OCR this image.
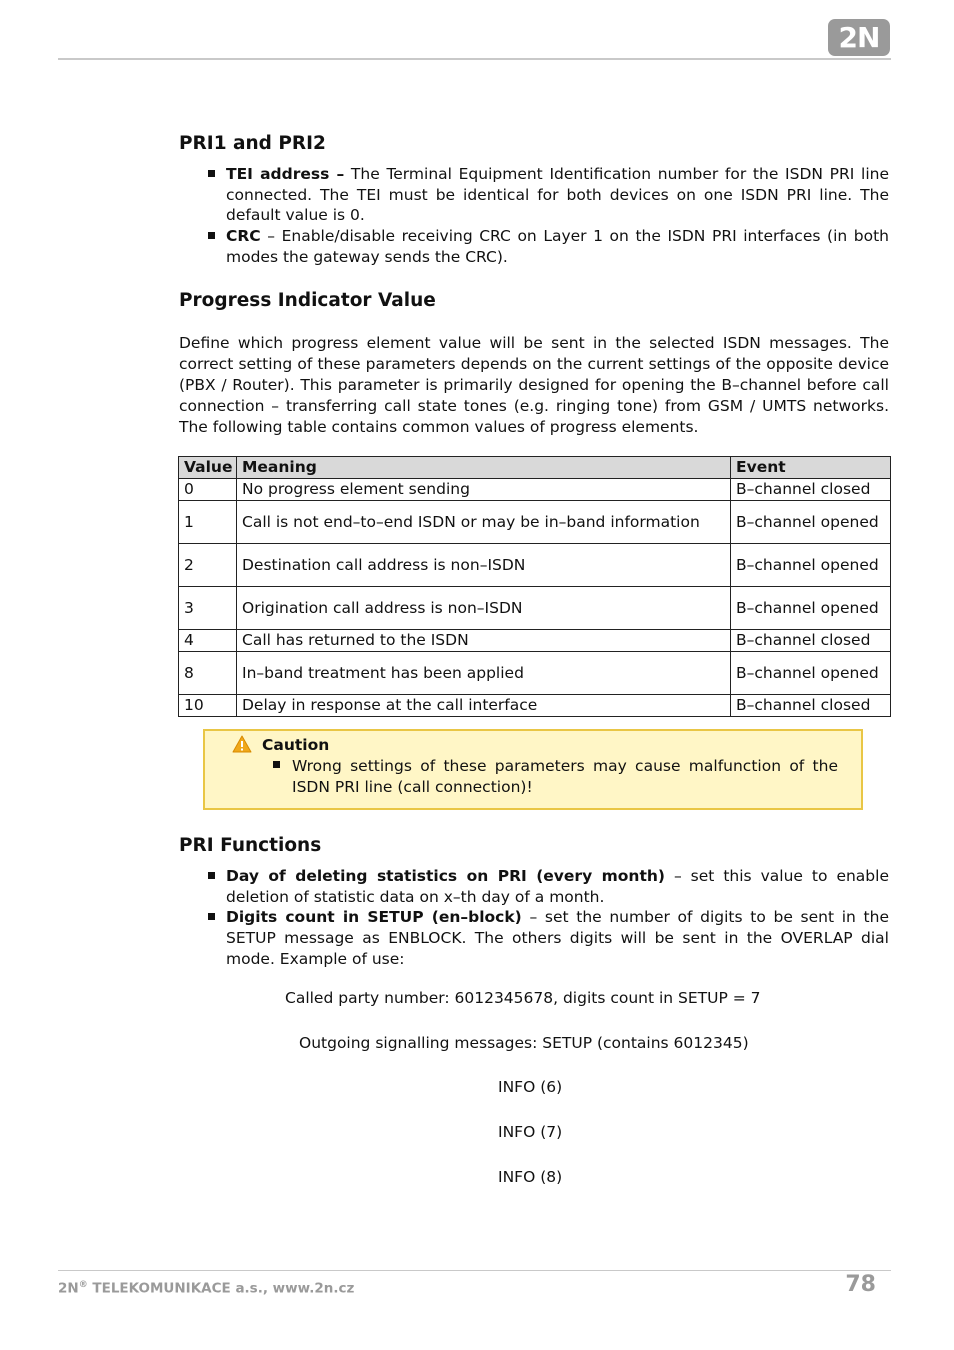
2N
PRI1 and PRI2
TEI address – The Terminal Equipment Identification number for the ISDN PRI line connected. The TEI must be identical for both devices on one ISDN PRI line. The default value is 0.
CRC – Enable/disable receiving CRC on Layer 1 on the ISDN PRI interfaces (in both modes the gateway sends the CRC).
Progress Indicator Value
Define which progress element value will be sent in the selected ISDN messages. The correct setting of these parameters depends on the current settings of the opposite device (PBX / Router). This parameter is primarily designed for opening the B–channel before call connection – transferring call state tones (e.g. ringing tone) from GSM / UMTS networks. The following table contains common values of progress elements.
Value	Meaning	Event
0	No progress element sending	B–channel closed
1	Call is not end–to–end ISDN or may be in–band information	B–channel opened
2	Destination call address is non–ISDN	B–channel opened
3	Origination call address is non–ISDN	B–channel opened
4	Call has returned to the ISDN	B–channel closed
8	In–band treatment has been applied	B–channel opened
10	Delay in response at the call interface	B–channel closed
Caution
Wrong settings of these parameters may cause malfunction of the ISDN PRI line (call connection)!
PRI Functions
Day of deleting statistics on PRI (every month) – set this value to enable deletion of statistic data on x–th day of a month.
Digits count in SETUP (en–block) – set the number of digits to be sent in the SETUP message as ENBLOCK. The others digits will be sent in the OVERLAP dial mode. Example of use:
Called party number: 6012345678, digits count in SETUP = 7
Outgoing signalling messages: SETUP (contains 6012345)
INFO (6)
INFO (7)
INFO (8)
2N® TELEKOMUNIKACE a.s., www.2n.cz	78
